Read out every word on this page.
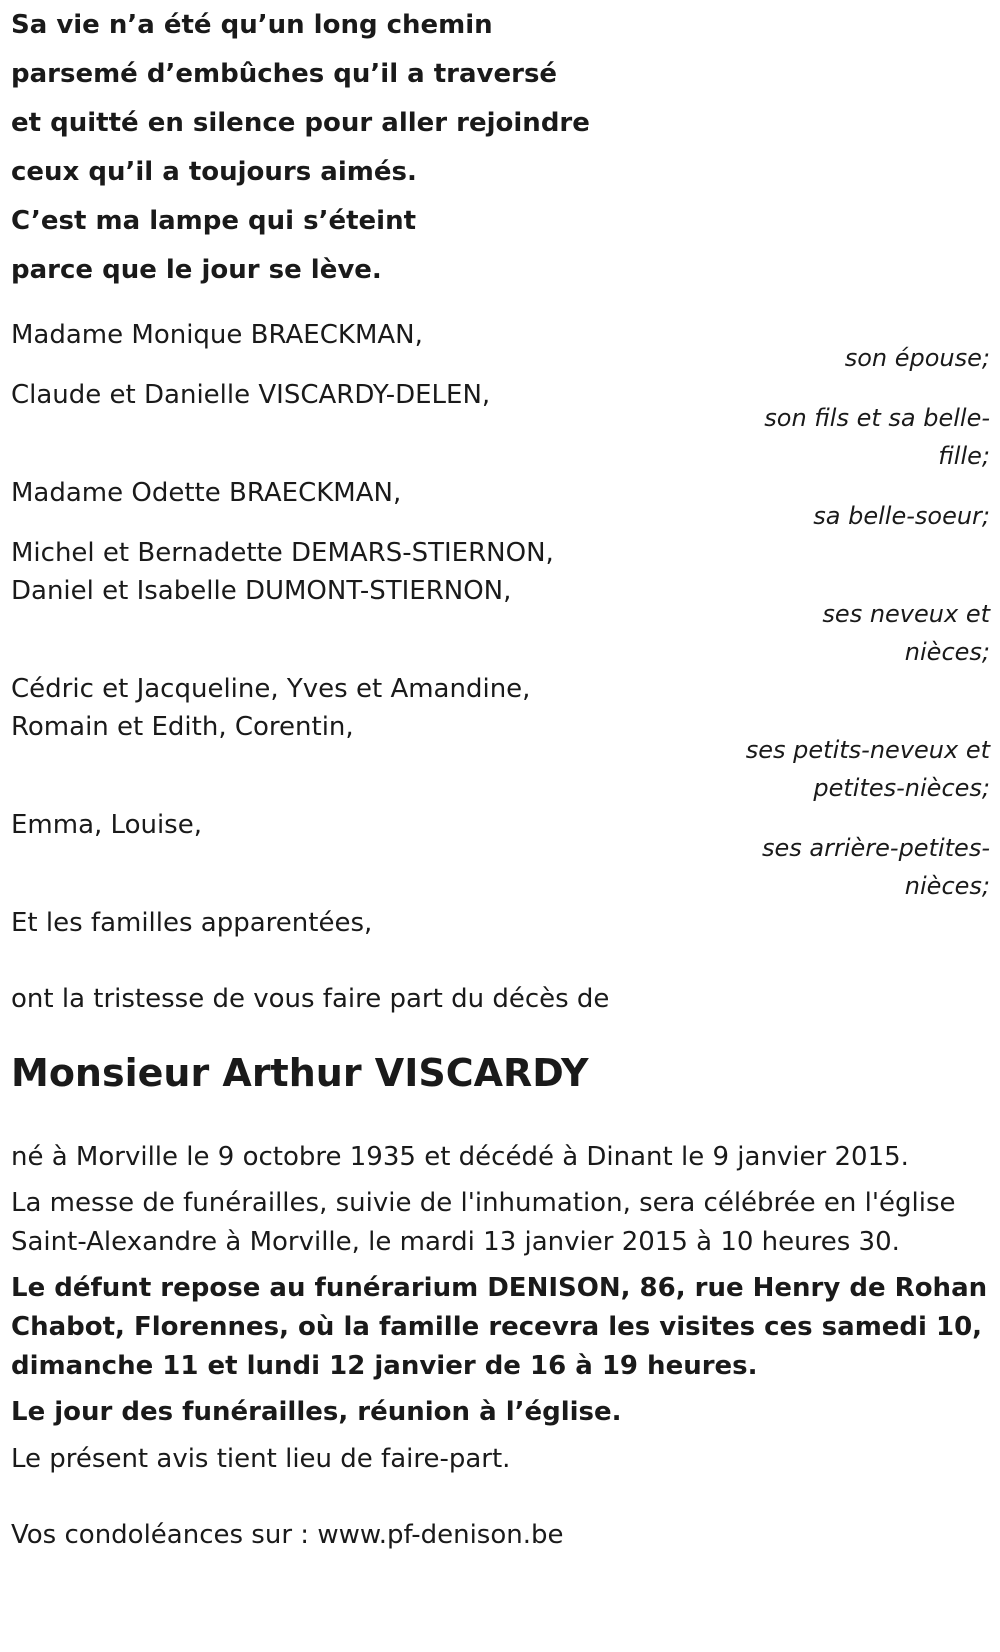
Sa vie n’a été qu’un long chemin
parsemé d’embûches qu’il a traversé
et quitté en silence pour aller rejoindre
ceux qu’il a toujours aimés.
C’est ma lampe qui s’éteint
parce que le jour se lève.
Madame Monique BRAECKMAN,
son épouse;
Claude et Danielle VISCARDY-DELEN,
son fils et sa belle-
fille;
Madame Odette BRAECKMAN,
sa belle-soeur;
Michel et Bernadette DEMARS-STIERNON,
Daniel et Isabelle DUMONT-STIERNON,
ses neveux et
nièces;
Cédric et Jacqueline, Yves et Amandine,
Romain et Edith, Corentin,
ses petits-neveux et
petites-nièces;
Emma, Louise,
ses arrière-petites-
nièces;
Et les familles apparentées,
ont la tristesse de vous faire part du décès de
Monsieur Arthur VISCARDY
né à Morville le 9 octobre 1935 et décédé à Dinant le 9 janvier 2015.
La messe de funérailles, suivie de l'inhumation, sera célébrée en l'église
Saint-Alexandre à Morville, le mardi 13 janvier 2015 à 10 heures 30.
Le défunt repose au funérarium DENISON, 86, rue Henry de Rohan
Chabot, Florennes, où la famille recevra les visites ces samedi 10,
dimanche 11 et lundi 12 janvier de 16 à 19 heures.
Le jour des funérailles, réunion à l’église.
Le présent avis tient lieu de faire-part.
Vos condoléances sur : www.pf-denison.be
